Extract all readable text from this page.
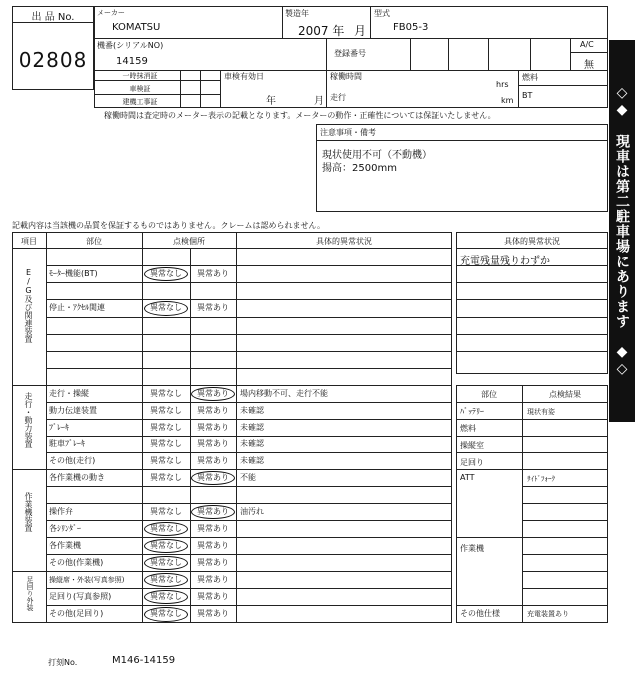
出 品 No.
02808
メーカー
KOMATSU
製造年
2007 年 月
型式
FB05-3
機番(シリアルNO)
14159
登録番号
A/C
無
一時抹消証
車検証
建機工事証
車検有効日
年	月
稼働時間
hrs
走行	km
燃料
BT
稼働時間は査定時のメーター表示の記載となります。メーターの動作・正確性については保証いたしません。
注意事項・備考
現状使用不可（不動機）
揚高：2500mm
記載内容は当該機の品質を保証するものではありません。クレームは認められません。	◇◆　現車は第二駐車場にあります　◆◇
項目	部位	点検個所	具体的異常状況
E/G及び関連装置
走行・動力装置
作業機装置
足回り外装
ﾓｰﾀｰ機能(BT)	異常なし	異常あり
停止・ｱｸｾﾙ関連	異常なし	異常あり
走行・操縦	異常なし	異常あり	場内移動不可、走行不能
動力伝達装置	異常なし	異常あり	未確認
ﾌﾞﾚｰｷ	異常なし	異常あり	未確認
駐車ﾌﾞﾚｰｷ	異常なし	異常あり	未確認
その他(走行)	異常なし	異常あり	未確認
各作業機の動き	異常なし	異常あり	不能
操作弁	異常なし	異常あり	油汚れ
各ｼﾘﾝﾀﾞｰ	異常なし	異常あり
各作業機	異常なし	異常あり
その他(作業機)	異常なし	異常あり
操縦席・外装(写真参照)	異常なし	異常あり
足回り(写真参照)	異常なし	異常あり
その他(足回り)	異常なし	異常あり
具体的異常状況
充電残量残りわずか
部位	点検結果
ﾊﾞｯﾃﾘｰ	現状有姿
燃料
操縦室
足回り
ATT	ｻｲﾄﾞﾌｫｰｸ
作業機
その他仕様	充電装置あり
打刻No.	M146-14159
